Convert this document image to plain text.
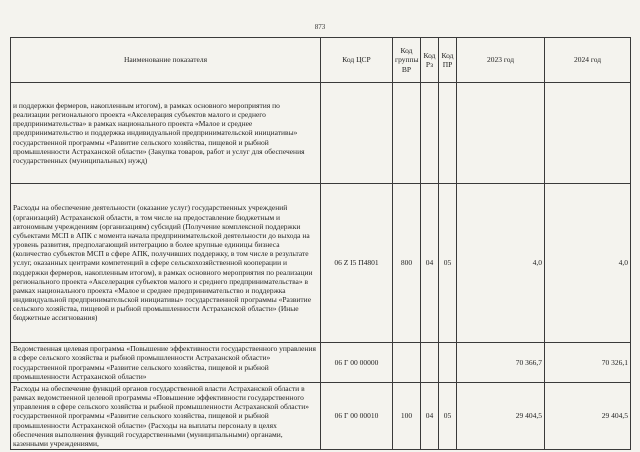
873
Наименование показателя	Код ЦСР	Код группы ВР	Код Рз	Код ПР	2023 год	2024 год
и поддержки фермеров, накопленным итогом), в рамках основного мероприятия по реализации регионального проекта «Акселерация субъектов малого и среднего предпринимательства» в рамках национального проекта «Малое и среднее предпринимательство и поддержка индивидуальной предпринимательской инициативы» государственной программы «Развитие сельского хозяйства, пищевой и рыбной промышленности Астраханской области» (Закупка товаров, работ и услуг для обеспечения государственных (муниципальных) нужд)						
Расходы на обеспечение деятельности (оказание услуг) государственных учреждений (организаций) Астраханской области, в том числе на предоставление бюджетным и автономным учреждениям (организациям) субсидий (Получение комплексной поддержки субъектами МСП в АПК с момента начала предпринимательской деятельности до выхода на уровень развития, предполагающий интеграцию в более крупные единицы бизнеса (количество субъектов МСП в сфере АПК, получивших поддержку, в том числе в результате услуг, оказанных центрами компетенций в сфере сельскохозяйственной кооперации и поддержки фермеров, накопленным итогом), в рамках основного мероприятия по реализации регионального проекта «Акселерация субъектов малого и среднего предпринимательства» в рамках национального проекта «Малое и среднее предпринимательство и поддержка индивидуальной предпринимательской инициативы» государственной программы «Развитие сельского хозяйства, пищевой и рыбной промышленности Астраханской области» (Иные бюджетные ассигнования)	06 Z I5 П4801	800	04	05	4,0	4,0
Ведомственная целевая программа «Повышение эффективности государственного управления в сфере сельского хозяйства и рыбной промышленности Астраханской области» государственной программы «Развитие сельского хозяйства, пищевой и рыбной промышленности Астраханской области»	06 Г 00 00000				70 366,7	70 326,1
Расходы на обеспечение функций органов государственной власти Астраханской области в рамках ведомственной целевой программы «Повышение эффективности государственного управления в сфере сельского хозяйства и рыбной промышленности Астраханской области» государственной программы «Развитие сельского хозяйства, пищевой и рыбной промышленности Астраханской области» (Расходы на выплаты персоналу в целях обеспечения выполнения функций государственными (муниципальными) органами, казенными учреждениями,	06 Г 00 00010	100	04	05	29 404,5	29 404,5
